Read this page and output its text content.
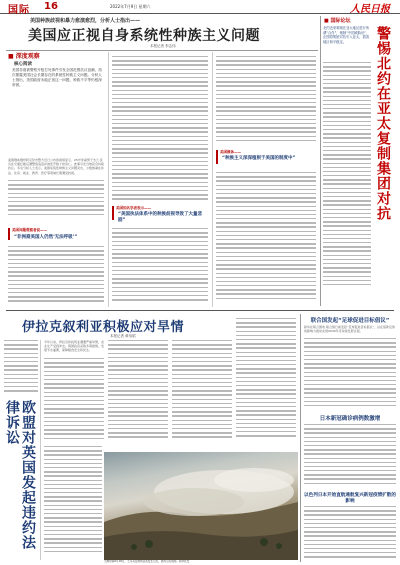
国际 16	2022年7月9日 星期六	人民日报
美国种族歧视和暴力愈演愈烈，分析人士指出——
美国应正视自身系统性种族主义问题
本报记者 李志伟
■ 深度观察
核心阅读
美国非裔被警察开枪打死事件引发全国范围抗议浪潮，再次暴露美国社会长期存在的系统性种族主义问题。分析人士指出，美国政府未能正视这一问题，种族不平等仍根深蒂固。
美国俄亥俄州阿克伦市警方近日公布的视频显示，25岁非裔男子杰兰·沃克在交通拦截后遭警察追逐并被连开数十枪身亡。此事引发当地民众持续抗议。多名分析人士表示，美国系统性种族主义问题突出，少数族裔在执法、住房、就业、教育、医疗等领域长期遭受歧视。
美国问题观察者说——
“非洲裔美国人仍然‘无法呼吸’”
美国知名学者表示——
“美国执法体系中的种族歧视导致了大量悲剧”
美国媒体——
“种族主义深深植根于美国的制度中”
■ 国际论坛
北约近来频频在亚太地区进行所谓“合作”，炮制“中国威胁论”，企图将集团对抗引入亚太，损害地区和平稳定。	警惕北约在亚太复制集团对抗
伊拉克叙利亚积极应对旱情
本报记者 黄培昭
今年以来，伊拉克和叙利亚遭遇严重旱情，农业生产受到冲击。两国政府采取多项措施，发展节水灌溉，保障粮食安全和民生。
欧盟对英国发起违约法律诉讼
当地时间6月18日，土耳其安塔利亚省发生山火，图为山火现场。新华社发
联合国发起“足球促进目标倡议”
新华社联合国电 联合国日前发起“足球促进目标倡议”，旨在借助足球的影响力推动实现2030年可持续发展议程。
日本新冠确诊病例数激增
以色列日本开始直航通航复兴新冠疫情扩散的影响
